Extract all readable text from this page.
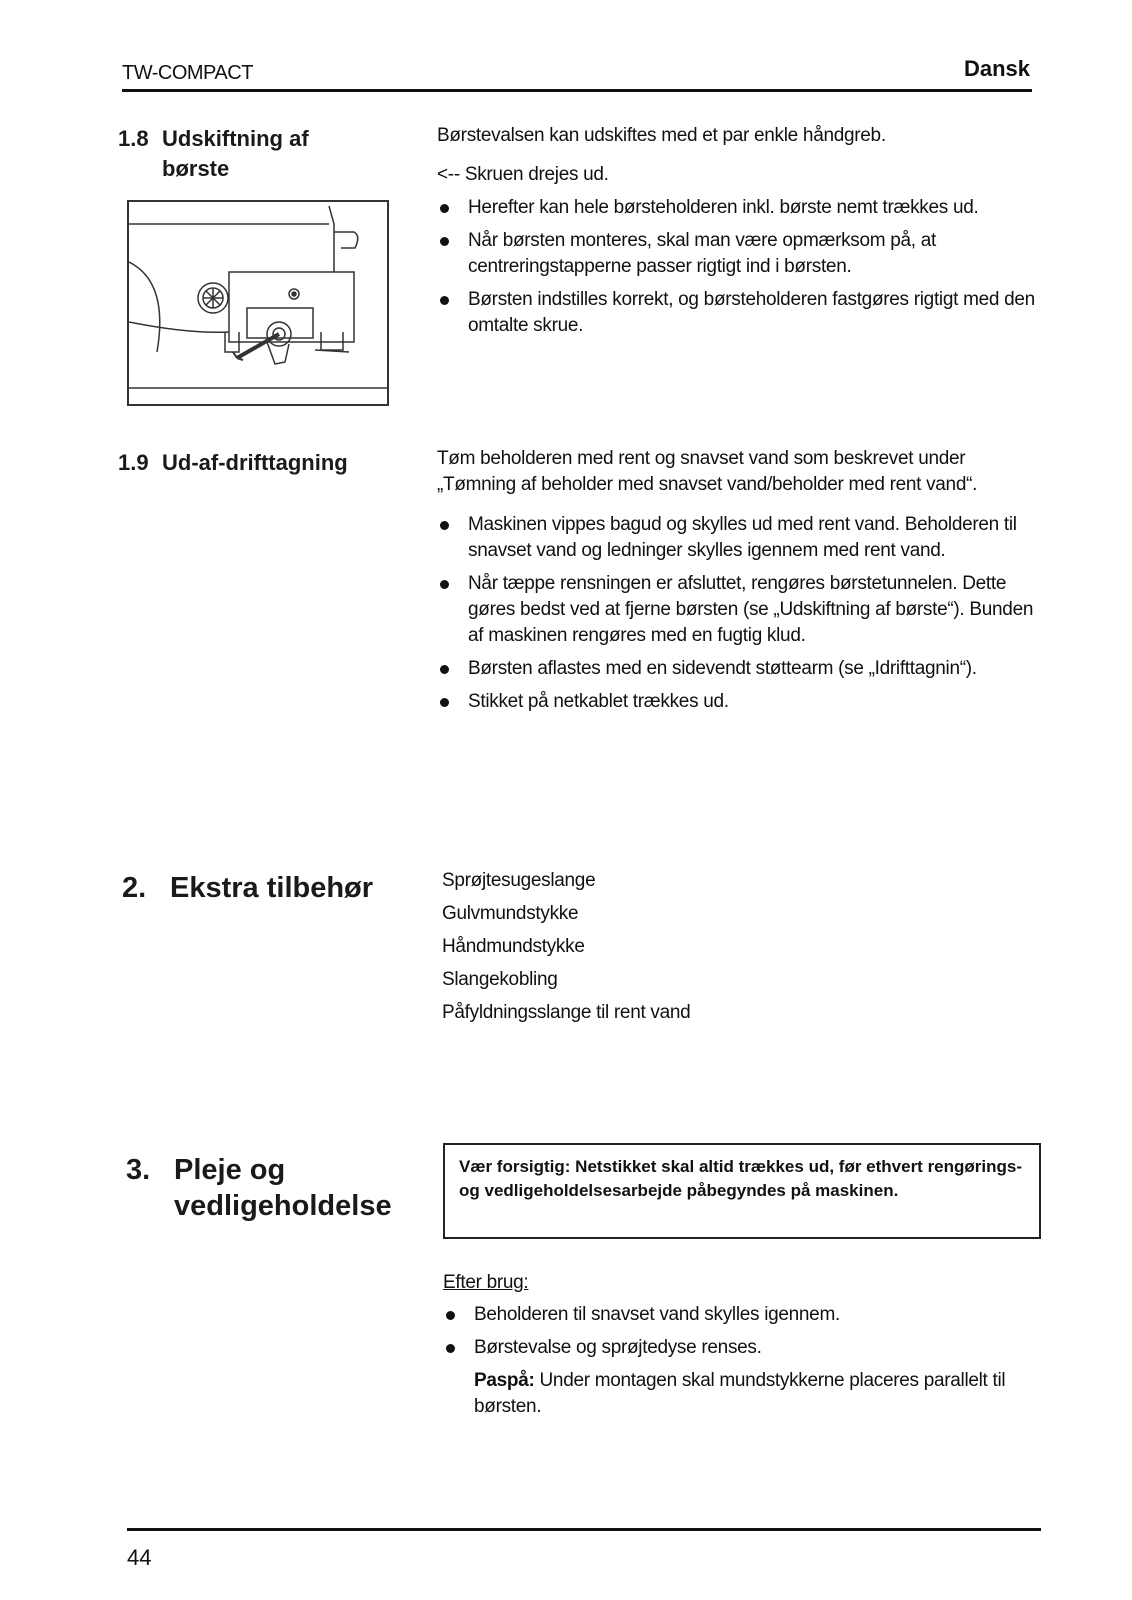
TW-COMPACT	Dansk
1.8 Udskiftning af
børste

Børstevalsen kan udskiftes med et par enkle håndgreb.

<-- Skruen drejes ud.

Herefter kan hele børsteholderen inkl. børste nemt trækkes ud.
Når børsten monteres, skal man være opmærksom på, at centreringstapperne passer rigtigt ind i børsten.
Børsten indstilles korrekt, og børsteholderen fastgøres rigtigt med den omtalte skrue.
1.9 Ud-af-drifttagning	Tøm beholderen med rent og snavset vand som beskrevet under „Tømning af beholder med snavset vand/beholder med rent vand“.

Maskinen vippes bagud og skylles ud med rent vand. Beholderen til snavset vand og ledninger skylles igennem med rent vand.
Når tæppe rensningen er afsluttet, rengøres børstetunnelen. Dette gøres bedst ved at fjerne børsten (se „Udskiftning af børste“). Bunden af maskinen rengøres med en fugtig klud.
Børsten aflastes med en sidevendt støttearm (se „Idrifttagnin“).
Stikket på netkablet trækkes ud.
2. Ekstra tilbehør	Sprøjtesugeslange

Gulvmundstykke

Håndmundstykke

Slangekobling

Påfyldningsslange til rent vand

3. Pleje og
vedligeholdelse
Vær forsigtig: Netstikket skal altid trækkes ud, før ethvert rengørings- og vedligeholdelsesarbejde påbegyndes på maskinen.

Efter brug:

Beholderen til snavset vand skylles igennem.
Børstevalse og sprøjtedyse renses.
Paspå: Under montagen skal mundstykkerne placeres parallelt til børsten.
44
